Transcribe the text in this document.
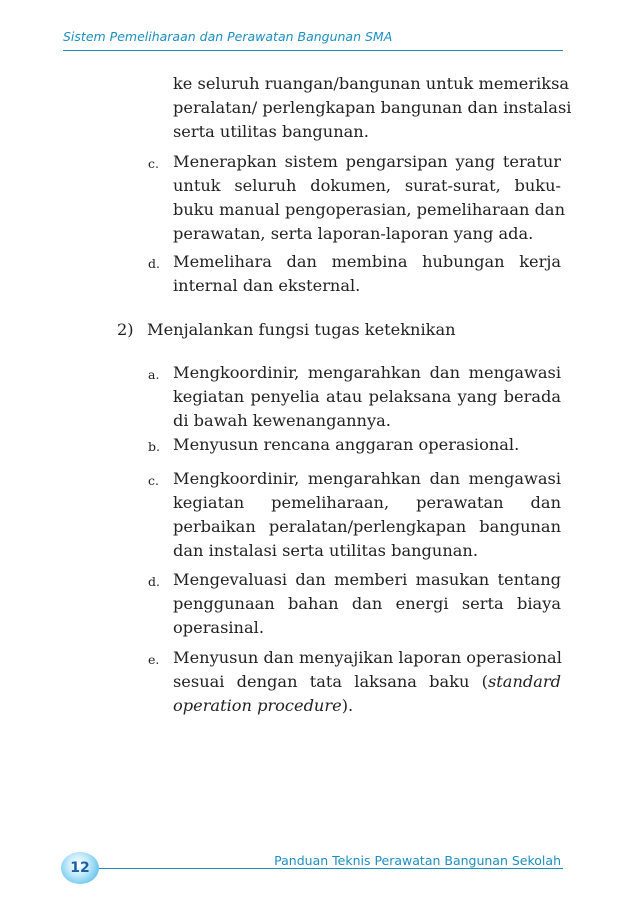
Sistem Pemeliharaan dan Perawatan Bangunan SMA
ke seluruh ruangan/bangunan untuk memeriksa
peralatan/ perlengkapan bangunan dan instalasi
serta utilitas bangunan.
c. Menerapkan sistem pengarsipan yang teratur
untuk seluruh dokumen, surat-surat, buku-
buku manual pengoperasian, pemeliharaan dan
perawatan, serta laporan-laporan yang ada.
d. Memelihara dan membina hubungan kerja
internal dan eksternal.
2) Menjalankan fungsi tugas keteknikan
a. Mengkoordinir, mengarahkan dan mengawasi
kegiatan penyelia atau pelaksana yang berada
di bawah kewenangannya.
b. Menyusun rencana anggaran operasional.
c. Mengkoordinir, mengarahkan dan mengawasi
kegiatan pemeliharaan, perawatan dan
perbaikan peralatan/perlengkapan bangunan
dan instalasi serta utilitas bangunan.
d. Mengevaluasi dan memberi masukan tentang
penggunaan bahan dan energi serta biaya
operasinal.
e. Menyusun dan menyajikan laporan operasional
sesuai dengan tata laksana baku (standard
operation procedure).
Panduan Teknis Perawatan Bangunan Sekolah
12
